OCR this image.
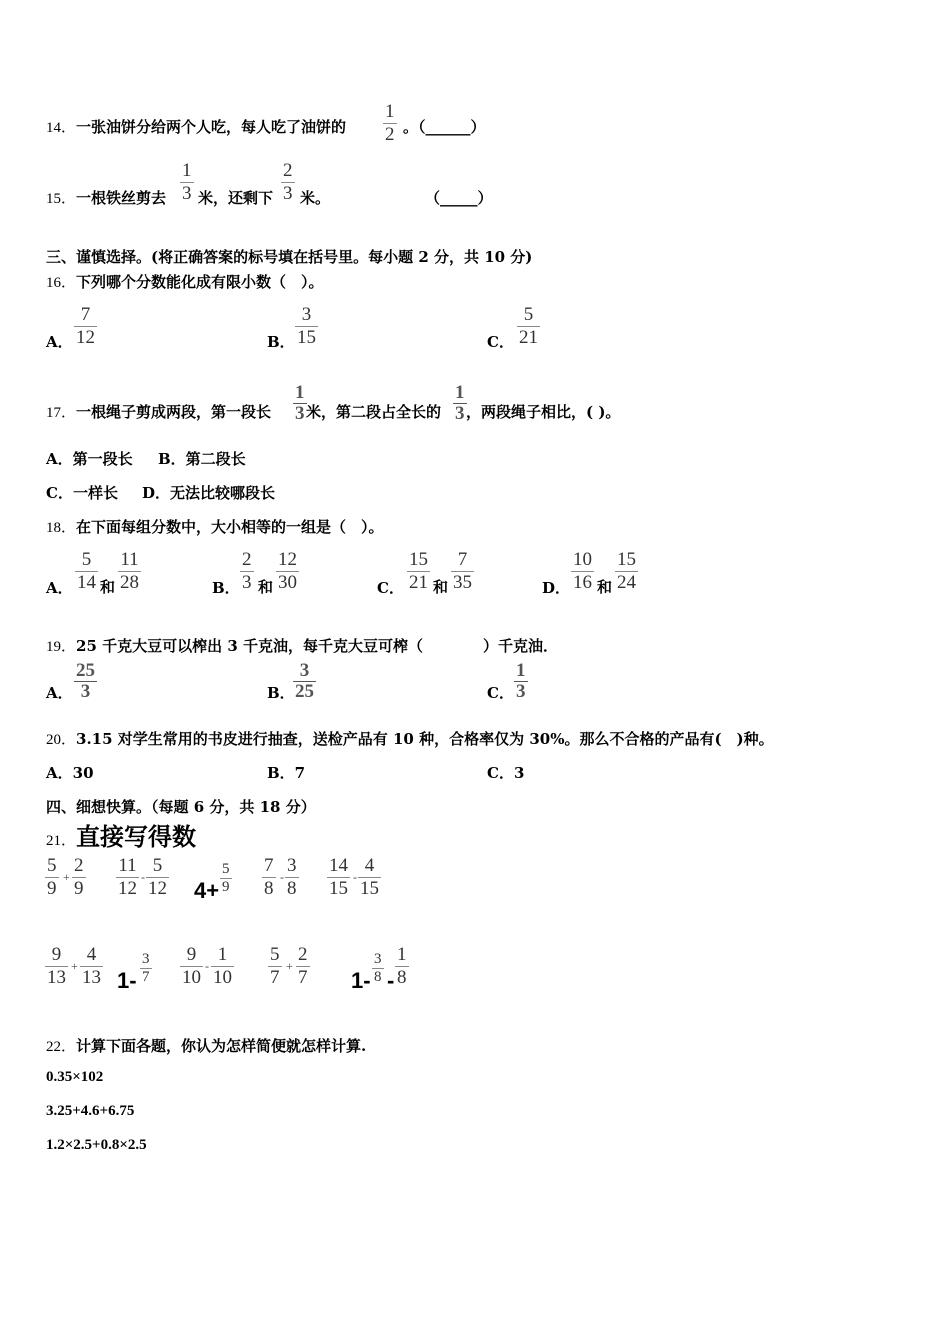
14．一张油饼分给两个人吃，每人吃了油饼的
1
2 。（______）
15．一根铁丝剪去
1
3 米，还剩下
2
3 米。	（_____）
三、谨慎选择。(将正确答案的标号填在括号里。每小题 2 分，共 10 分)
16．下列哪个分数能化成有限小数（　）。
A．
7
12	B．
3
15	C．
5
21
17．一根绳子剪成两段，第一段长
1
3 米，第二段占全长的
1
3 ，两段绳子相比，( )。
A．第一段长 B．第二段长
C．一样长 D．无法比较哪段长
18．在下面每组分数中，大小相等的一组是（　）。
A．
5
14 和
11
28	B．
2
3 和
12
30	C．
15
21 和
7
35	D．
10
16 和
15
24
19．25 千克大豆可以榨出 3 千克油，每千克大豆可榨（　　　　）千克油．
A．
25
3	B．
3
25	C．
1
3
20．3.15 对学生常用的书皮进行抽查，送检产品有 10 种，合格率仅为 30%。那么不合格的产品有(　)种。
A．30	B．7	C．3
四、细想快算。（每题 6 分，共 18 分）
21．直接写得数
5
9
+
2
9
11
12
-
5
12 4+
5
9
7
8
-
3
8
14
15
-
4
15
9
13
+
4
13 1-
3
7
9
10
-
1
10
5
7
+
2
7 1-
3
8 -
1
8
22．计算下面各题，你认为怎样简便就怎样计算.
0.35×102
3.25+4.6+6.75
1.2×2.5+0.8×2.5
